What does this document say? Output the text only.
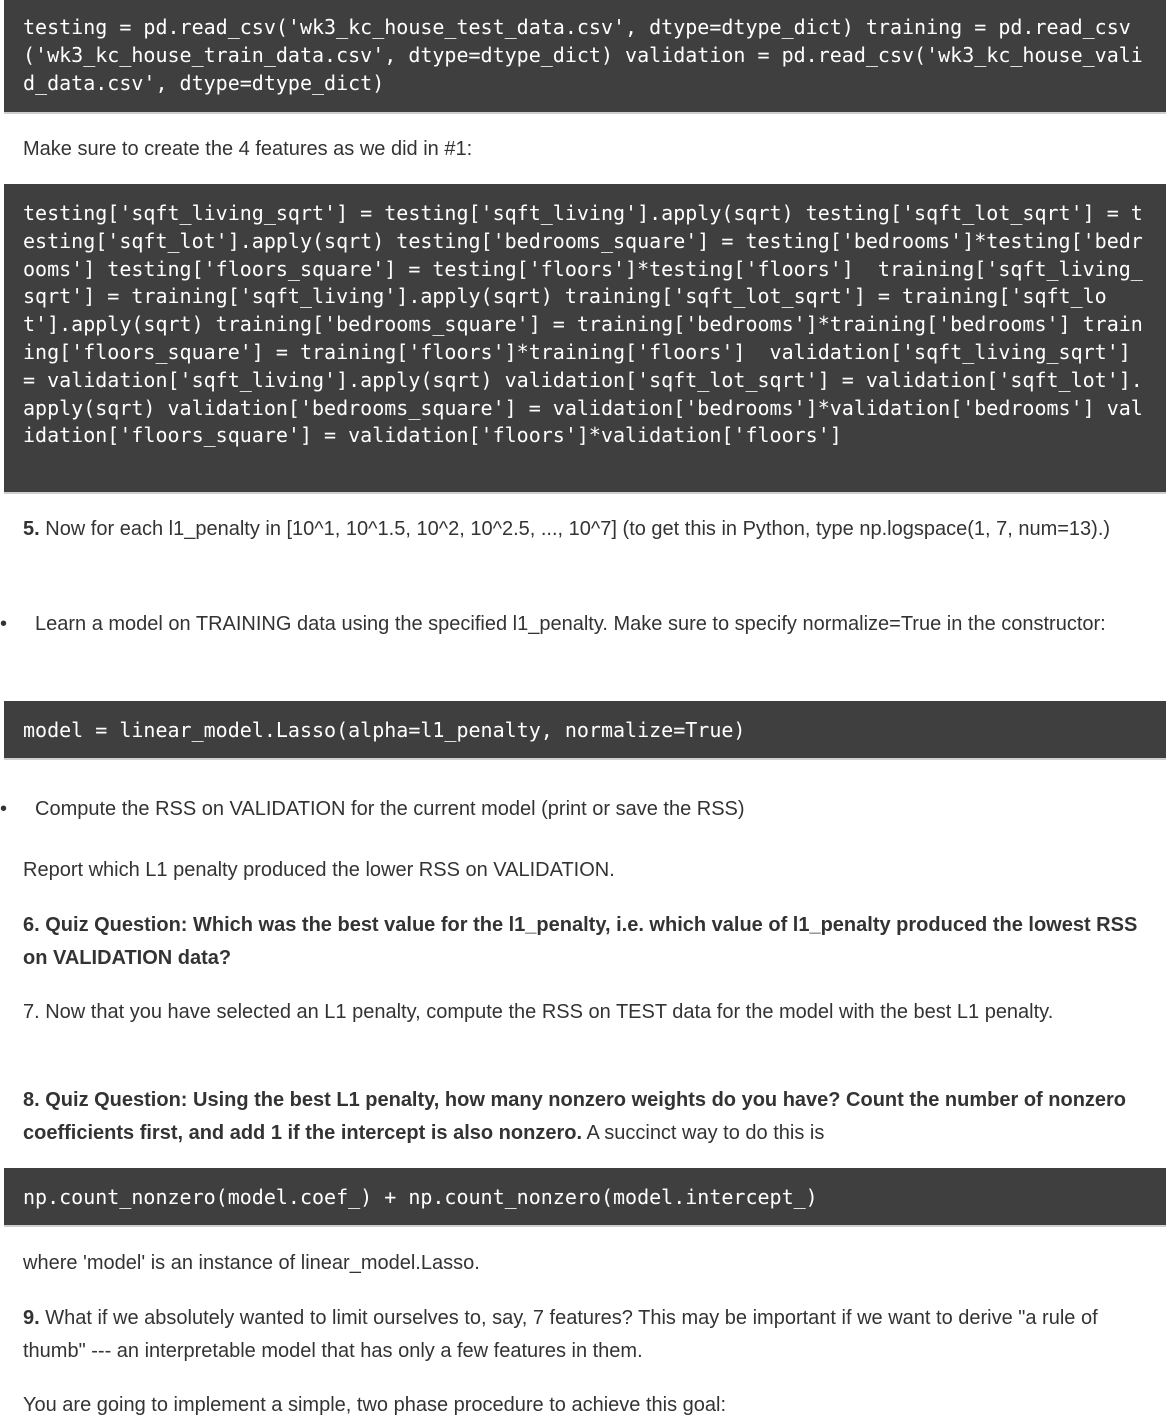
testing = pd.read_csv('wk3_kc_house_test_data.csv', dtype=dtype_dict) training = pd.read_csv('wk3_kc_house_train_data.csv', dtype=dtype_dict) validation = pd.read_csv('wk3_kc_house_valid_data.csv', dtype=dtype_dict)

Make sure to create the 4 features as we did in #1:

testing['sqft_living_sqrt'] = testing['sqft_living'].apply(sqrt) testing['sqft_lot_sqrt'] = testing['sqft_lot'].apply(sqrt) testing['bedrooms_square'] = testing['bedrooms']*testing['bedrooms'] testing['floors_square'] = testing['floors']*testing['floors']  training['sqft_living_sqrt'] = training['sqft_living'].apply(sqrt) training['sqft_lot_sqrt'] = training['sqft_lot'].apply(sqrt) training['bedrooms_square'] = training['bedrooms']*training['bedrooms'] training['floors_square'] = training['floors']*training['floors']  validation['sqft_living_sqrt'] = validation['sqft_living'].apply(sqrt) validation['sqft_lot_sqrt'] = validation['sqft_lot'].apply(sqrt) validation['bedrooms_square'] = validation['bedrooms']*validation['bedrooms'] validation['floors_square'] = validation['floors']*validation['floors']

5. Now for each l1_penalty in [10^1, 10^1.5, 10^2, 10^2.5, ..., 10^7] (to get this in Python, type np.logspace(1, 7, num=13).)

• Learn a model on TRAINING data using the specified l1_penalty. Make sure to specify normalize=True in the constructor:
model = linear_model.Lasso(alpha=l1_penalty, normalize=True)
• Compute the RSS on VALIDATION for the current model (print or save the RSS)

Report which L1 penalty produced the lower RSS on VALIDATION.

6. Quiz Question: Which was the best value for the l1_penalty, i.e. which value of l1_penalty produced the lowest RSS on VALIDATION data?

7. Now that you have selected an L1 penalty, compute the RSS on TEST data for the model with the best L1 penalty.

8. Quiz Question: Using the best L1 penalty, how many nonzero weights do you have? Count the number of nonzero coefficients first, and add 1 if the intercept is also nonzero. A succinct way to do this is

np.count_nonzero(model.coef_) + np.count_nonzero(model.intercept_)

where 'model' is an instance of linear_model.Lasso.

9. What if we absolutely wanted to limit ourselves to, say, 7 features? This may be important if we want to derive "a rule of thumb" --- an interpretable model that has only a few features in them.

You are going to implement a simple, two phase procedure to achieve this goal:
